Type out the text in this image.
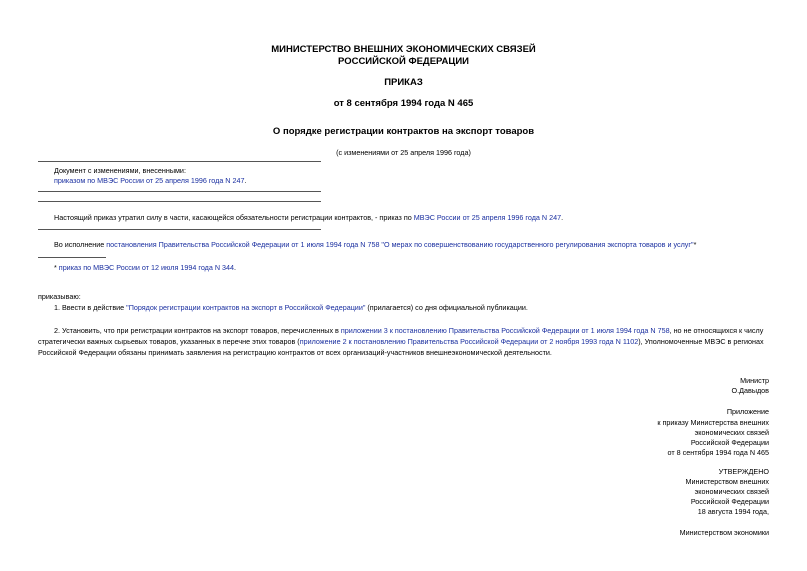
МИНИСТЕРСТВО ВНЕШНИХ ЭКОНОМИЧЕСКИХ СВЯЗЕЙ
РОССИЙСКОЙ ФЕДЕРАЦИИ
ПРИКАЗ
от 8 сентября 1994 года N 465
О порядке регистрации контрактов на экспорт товаров
(с изменениями от 25 апреля 1996 года)
Документ с изменениями, внесенными:
приказом по МВЭС России от 25 апреля 1996 года N 247.
Настоящий приказ утратил силу в части, касающейся обязательности регистрации контрактов, - приказ по МВЭС России от 25 апреля 1996 года N 247.
Во исполнение постановления Правительства Российской Федерации от 1 июля 1994 года N 758 "О мерах по совершенствованию государственного регулирования экспорта товаров и услуг"*
* приказ по МВЭС России от 12 июля 1994 года N 344.
приказываю:
1. Ввести в действие "Порядок регистрации контрактов на экспорт в Российской Федерации" (прилагается) со дня официальной публикации.
2. Установить, что при регистрации контрактов на экспорт товаров, перечисленных в приложении 3 к постановлению Правительства Российской Федерации от 1 июля 1994 года N 758, но не относящихся к числу стратегически важных сырьевых товаров, указанных в перечне этих товаров (приложение 2 к постановлению Правительства Российской Федерации от 2 ноября 1993 года N 1102), Уполномоченные МВЭС в регионах Российской Федерации обязаны принимать заявления на регистрацию контрактов от всех организаций-участников внешнеэкономической деятельности.
Министр
О.Давыдов
Приложение
к приказу Министерства внешних
экономических связей
Российской Федерации
от 8 сентября 1994 года N 465
УТВЕРЖДЕНО
Министерством внешних
экономических связей
Российской Федерации
18 августа 1994 года,
Министерством экономики
